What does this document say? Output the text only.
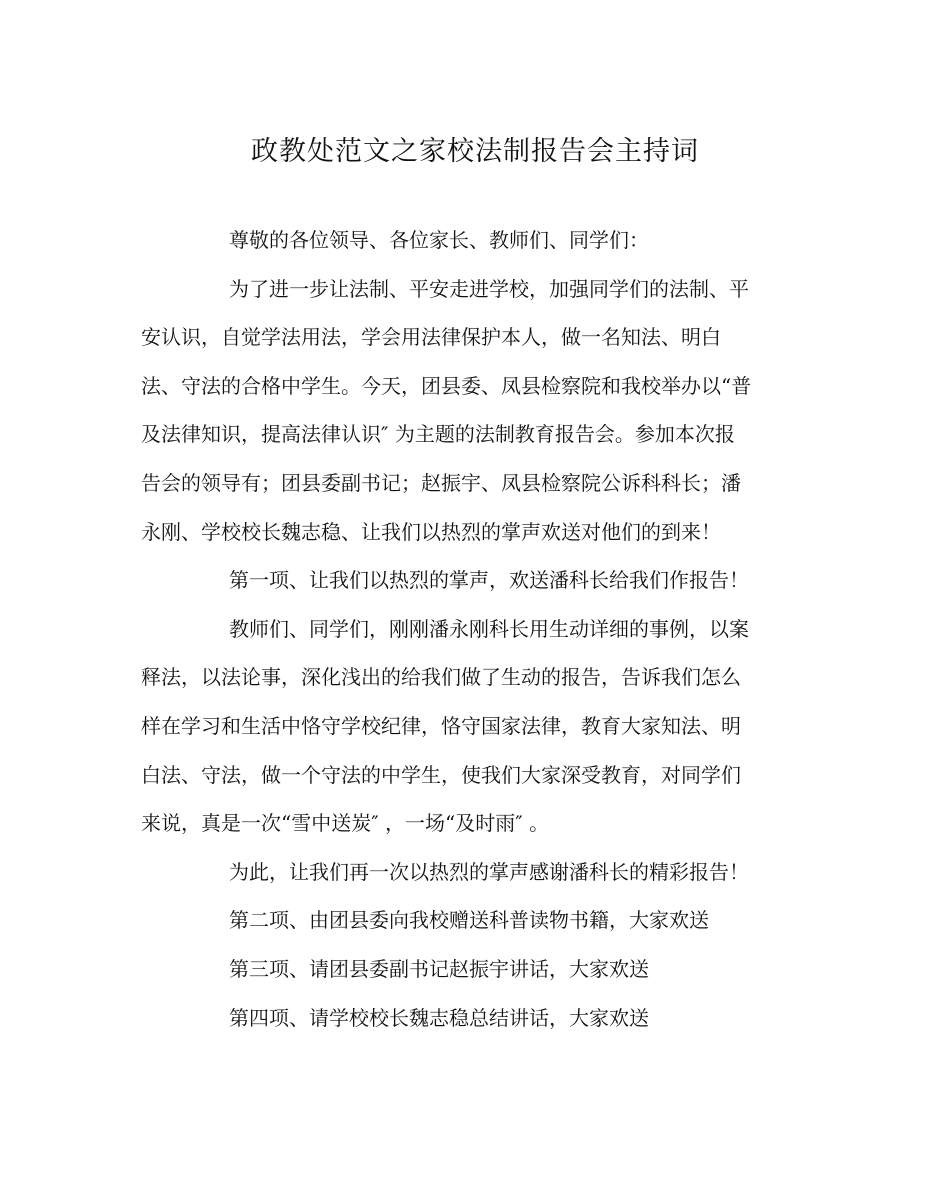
政教处范文之家校法制报告会主持词
尊敬的各位领导、各位家长、教师们、同学们：
为了进一步让法制、平安走进学校，加强同学们的法制、平
安认识，自觉学法用法，学会用法律保护本人，做一名知法、明白
法、守法的合格中学生。今天，团县委、凤县检察院和我校举办以“普
及法律知识，提高法律认识″ 为主题的法制教育报告会。参加本次报
告会的领导有；团县委副书记；赵振宇、凤县检察院公诉科科长；潘
永刚、学校校长魏志稳、让我们以热烈的掌声欢送对他们的到来！
第一项、让我们以热烈的掌声，欢送潘科长给我们作报告！
教师们、同学们，刚刚潘永刚科长用生动详细的事例，以案
释法，以法论事，深化浅出的给我们做了生动的报告，告诉我们怎么
样在学习和生活中恪守学校纪律，恪守国家法律，教育大家知法、明
白法、守法，做一个守法的中学生，使我们大家深受教育，对同学们
来说，真是一次“雪中送炭″ ，一场“及时雨″ 。
为此，让我们再一次以热烈的掌声感谢潘科长的精彩报告！
第二项、由团县委向我校赠送科普读物书籍，大家欢送
第三项、请团县委副书记赵振宇讲话，大家欢送
第四项、请学校校长魏志稳总结讲话，大家欢送
